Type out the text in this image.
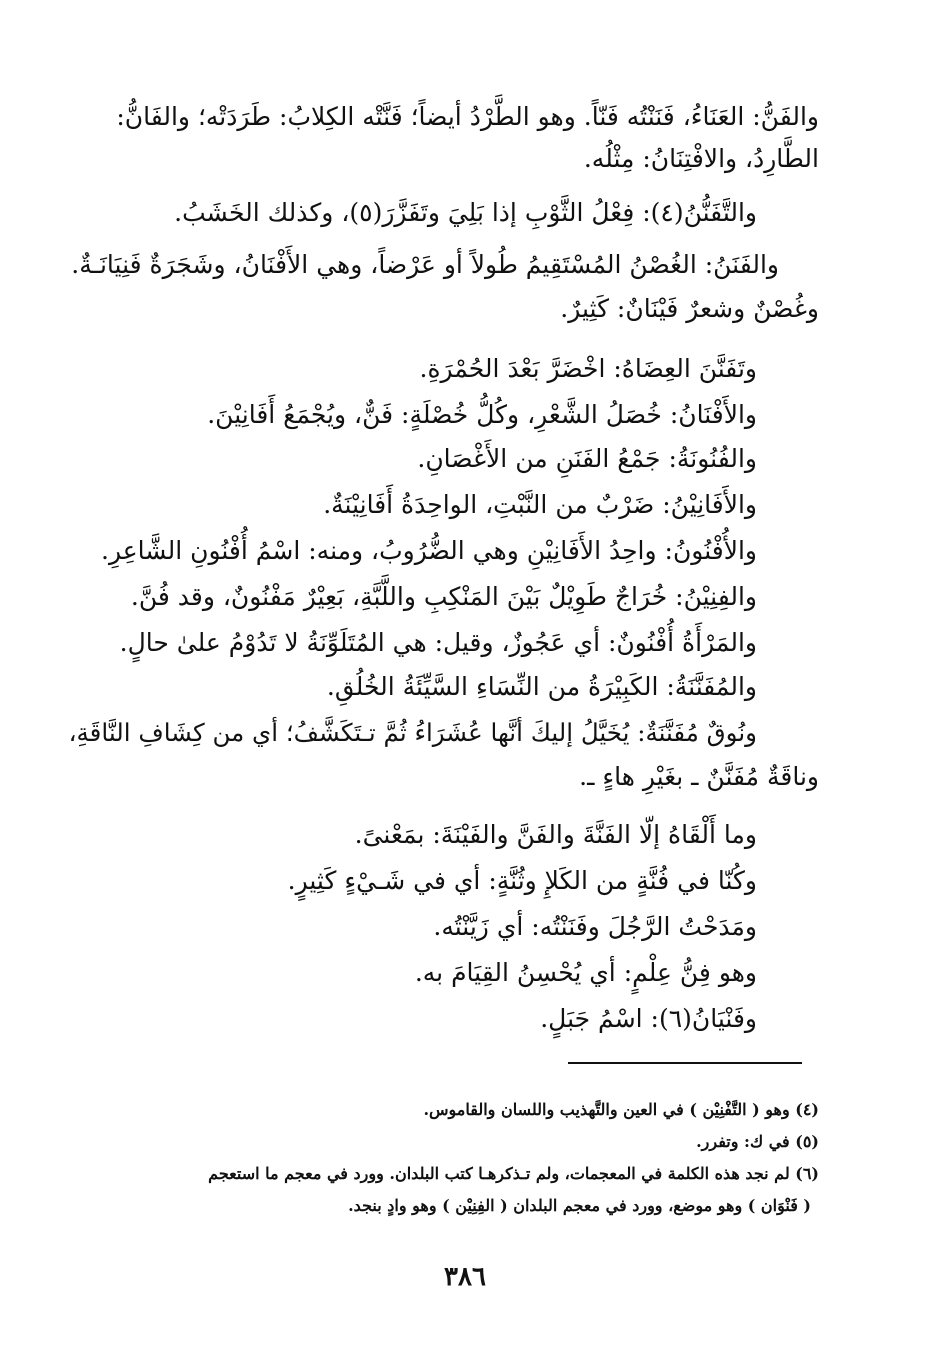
والفَنُّ: العَنَاءُ، فَنَنْتُه فَنّاً. وهو الطَّرْدُ أيضاً؛ فَنَّتْه الكِلابُ: طَرَدَتْه؛ والفَانُّ:
الطَّارِدُ، والافْتِنَانُ: مِثْلُه.
والتَّفَنُّنُ(٤): فِعْلُ الثَّوْبِ إذا بَلِيَ وتَفَزَّرَ(٥)، وكذلك الخَشَبُ.
والفَنَنُ: الغُصْنُ المُسْتَقِيمُ طُولاً أو عَرْضاً، وهي الأَفْنَانُ، وشَجَرَةٌ فَنِيَانَـةٌ.
وغُصْنٌ وشعرٌ فَيْنَانٌ: كَثِيرٌ.
وتَفَنَّنَ العِضَاهُ: اخْضَرَّ بَعْدَ الحُمْرَةِ.
والأَفْنَانُ: خُصَلُ الشَّعْرِ، وكُلُّ خُصْلَةٍ: فَنٌّ، ويُجْمَعُ أَفَانِيْنَ.
والفُنُونَةُ: جَمْعُ الفَنَنِ من الأَغْصَانِ.
والأَفَانِيْنُ: ضَرْبٌ من النَّبْتِ، الواحِدَةُ أَفَانِيْنَةٌ.
والأُفْنُونُ: واحِدُ الأَفَانِيْنِ وهي الضُّرُوبُ، ومنه: اسْمُ أُفْنُونِ الشَّاعِرِ.
والفِنِيْنُ: خُرَاجٌ طَوِيْلٌ بَيْنَ المَنْكِبِ واللَّبَّةِ، بَعِيْرٌ مَفْنُونٌ، وقد فُنَّ.
والمَرْأَةُ أُفْنُونٌ: أي عَجُوزٌ، وقيل: هي المُتَلَوِّنَةُ لا تَدُوْمُ علىٰ حالٍ.
والمُفَنَّنَةُ: الكَبِيْرَةُ من النِّسَاءِ السَّيِّئَةُ الخُلُقِ.
ونُوقٌ مُفَنَّنَةٌ: يُخَيَّلُ إليكَ أنَّها عُشَرَاءُ ثُمَّ تـتَكَشَّفُ؛ أي من كِشَافِ النَّاقَةِ،
وناقَةٌ مُفَنَّنٌ ـ بغَيْرِ هاءٍ ـ.
وما أَلْقَاهُ إلّا الفَنَّةَ والفَنَّ والفَيْنَةَ: بمَعْنىً.
وكُنّا في فُنَّةٍ من الكَلإِ وثُنَّةٍ: أي في شَـيْءٍ كَثِيرٍ.
ومَدَحْتُ الرَّجُلَ وفَنَنْتُه: أي زَيَّنْتُه.
وهو فِنُّ عِلْمٍ: أي يُحْسِنُ القِيَامَ به.
وفَنْيَانُ(٦): اسْمُ جَبَلٍ.
(٤) وهو ( التَّفْنِيْن ) في العين والتَّهذيب واللسان والقاموس.
(٥) في ك: وتفرر.
(٦) لم نجد هذه الكلمة في المعجمات، ولم تـذكرهـا كتب البلدان. وورد في معجم ما استعجم
( فَنْوَان ) وهو موضع، وورد في معجم البلدان ( الفِنِيْن ) وهو وادٍ بنجد.
٣٨٦
